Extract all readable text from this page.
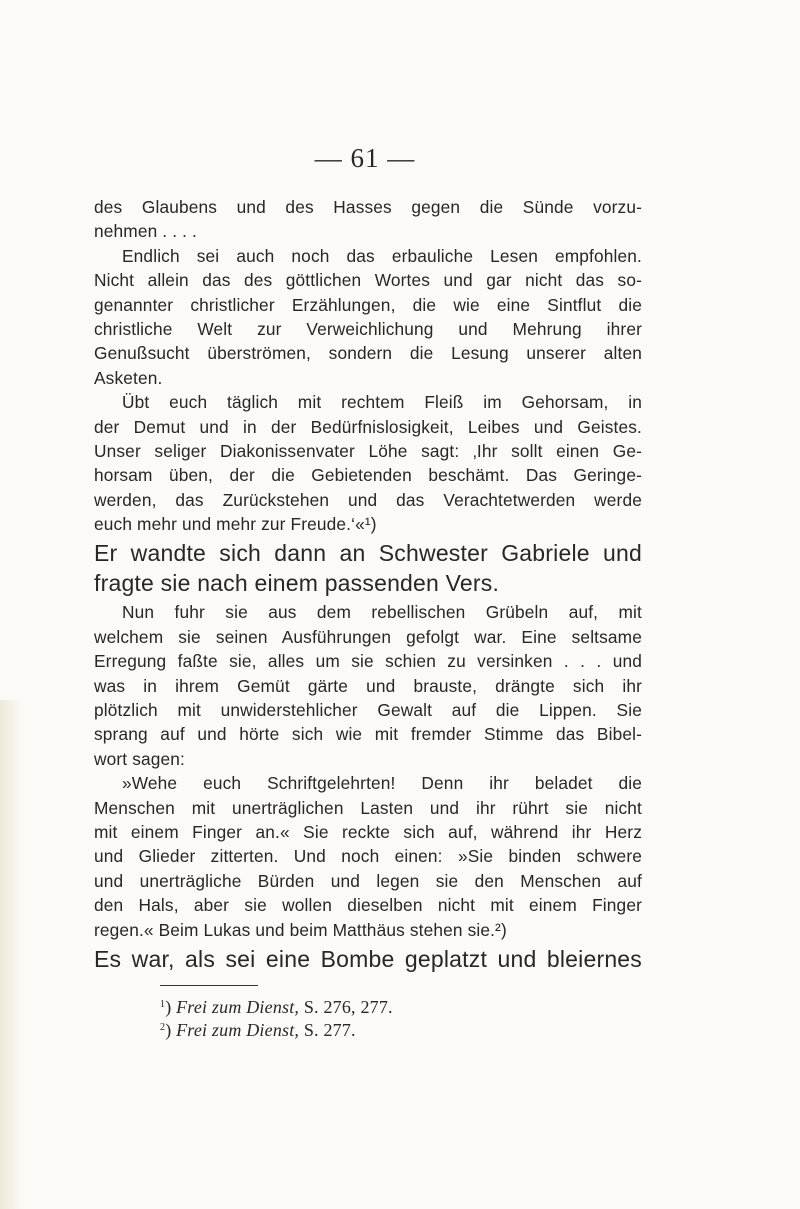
— 61 —
des Glaubens und des Hasses gegen die Sünde vorzu-
nehmen . . . .
Endlich sei auch noch das erbauliche Lesen empfohlen.
Nicht allein das des göttlichen Wortes und gar nicht das so-
genannter christlicher Erzählungen, die wie eine Sintflut die
christliche Welt zur Verweichlichung und Mehrung ihrer
Genußsucht überströmen, sondern die Lesung unserer alten
Asketen.
Übt euch täglich mit rechtem Fleiß im Gehorsam, in
der Demut und in der Bedürfnislosigkeit, Leibes und Geistes.
Unser seliger Diakonissenvater Löhe sagt: ‚Ihr sollt einen Ge-
horsam üben, der die Gebietenden beschämt. Das Geringe-
werden, das Zurückstehen und das Verachtetwerden werde
euch mehr und mehr zur Freude.‘«¹)
Er wandte sich dann an Schwester Gabriele und
fragte sie nach einem passenden Vers.
Nun fuhr sie aus dem rebellischen Grübeln auf, mit
welchem sie seinen Ausführungen gefolgt war. Eine seltsame
Erregung faßte sie, alles um sie schien zu versinken . . . und
was in ihrem Gemüt gärte und brauste, drängte sich ihr
plötzlich mit unwiderstehlicher Gewalt auf die Lippen. Sie
sprang auf und hörte sich wie mit fremder Stimme das Bibel-
wort sagen:
»Wehe euch Schriftgelehrten! Denn ihr beladet die
Menschen mit unerträglichen Lasten und ihr rührt sie nicht
mit einem Finger an.« Sie reckte sich auf, während ihr Herz
und Glieder zitterten. Und noch einen: »Sie binden schwere
und unerträgliche Bürden und legen sie den Menschen auf
den Hals, aber sie wollen dieselben nicht mit einem Finger
regen.« Beim Lukas und beim Matthäus stehen sie.²)
Es war, als sei eine Bombe geplatzt und bleiernes
$^1$) Frei zum Dienst, S. 276, 277.
$^2$) Frei zum Dienst, S. 277.
